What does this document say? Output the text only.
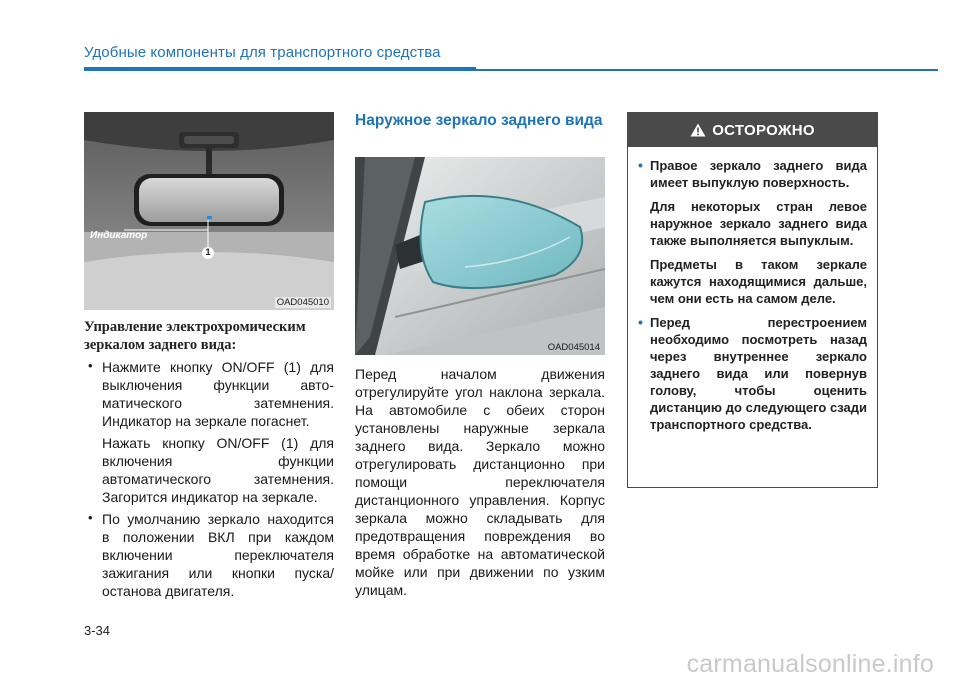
Удобные компоненты для транспортного средства
Индикатор
1
OAD045010
Управление электрохромическим зеркалом заднего вида:

• Нажмите кнопку ON/OFF (1) для выключения функции авто-матического затемнения. Индикатор на зеркале погаснет.

Нажать кнопку ON/OFF (1) для включения функции автоматического затемнения. Загорится индикатор на зеркале.

• По умолчанию зеркало находится в положении ВКЛ при каждом включении переключателя зажигания или кнопки пуска/останова двигателя.

Наружное зеркало заднего вида
OAD045014

Перед началом движения отрегулируйте угол наклона зеркала. На автомобиле с обеих сторон установлены наружные зеркала заднего вида. Зеркало можно отрегулировать дистанционно при помощи переключателя дистанционного управления. Корпус зеркала можно складывать для предотвращения повреждения во время обработке на автоматической мойке или при движении по узким улицам.

ОСТОРОЖНО

• Правое зеркало заднего вида имеет выпуклую поверхность.

Для некоторых стран левое наружное зеркало заднего вида также выполняется выпуклым.

Предметы в таком зеркале кажутся находящимися дальше, чем они есть на самом деле.

• Перед перестроением необходимо посмотреть назад через внутреннее зеркало заднего вида или повернув голову, чтобы оценить дистанцию до следующего сзади транспортного средства.

3-34
carmanualsonline.info
